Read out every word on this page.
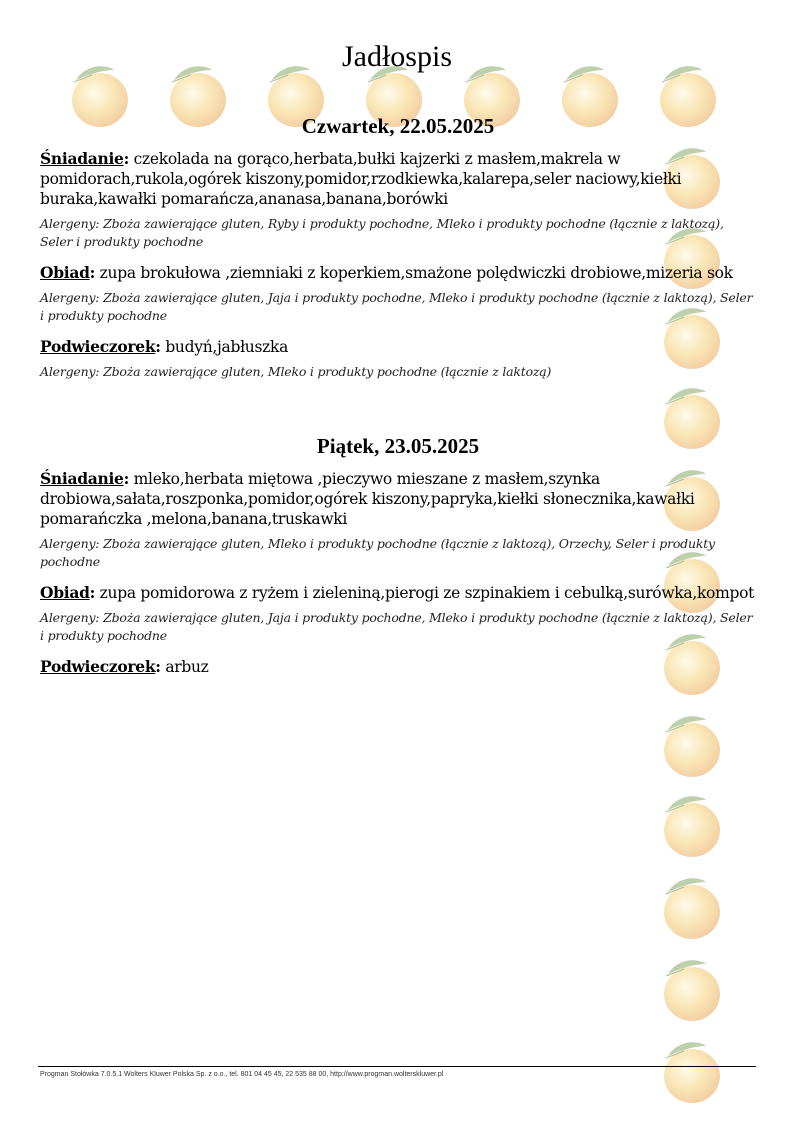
Jadłospis
Czwartek, 22.05.2025
Śniadanie: czekolada na gorąco,herbata,bułki kajzerki z masłem,makrela w pomidorach,rukola,ogórek kiszony,pomidor,rzodkiewka,kalarepa,seler naciowy,kiełki buraka,kawałki pomarańcza,ananasa,banana,borówki
Alergeny: Zboża zawierające gluten, Ryby i produkty pochodne, Mleko i produkty pochodne (łącznie z laktozą), Seler i produkty pochodne
Obiad: zupa brokułowa ,ziemniaki z koperkiem,smażone polędwiczki drobiowe,mizeria sok
Alergeny: Zboża zawierające gluten, Jaja i produkty pochodne, Mleko i produkty pochodne (łącznie z laktozą), Seler i produkty pochodne
Podwieczorek: budyń,jabłuszka
Alergeny: Zboża zawierające gluten, Mleko i produkty pochodne (łącznie z laktozą)
Piątek, 23.05.2025
Śniadanie: mleko,herbata miętowa ,pieczywo mieszane z masłem,szynka drobiowa,sałata,roszponka,pomidor,ogórek kiszony,papryka,kiełki słonecznika,kawałki pomarańczka ,melona,banana,truskawki
Alergeny: Zboża zawierające gluten, Mleko i produkty pochodne (łącznie z laktozą), Orzechy, Seler i produkty pochodne
Obiad: zupa pomidorowa z ryżem i zieleniną,pierogi ze szpinakiem i cebulką,surówka,kompot
Alergeny: Zboża zawierające gluten, Jaja i produkty pochodne, Mleko i produkty pochodne (łącznie z laktozą), Seler i produkty pochodne
Podwieczorek: arbuz
Progman Stołówka 7.0.5.1 Wolters Kluwer Polska Sp. z o.o., tel. 801 04 45 45, 22 535 88 00, http://www.progman.wolterskluwer.pl
